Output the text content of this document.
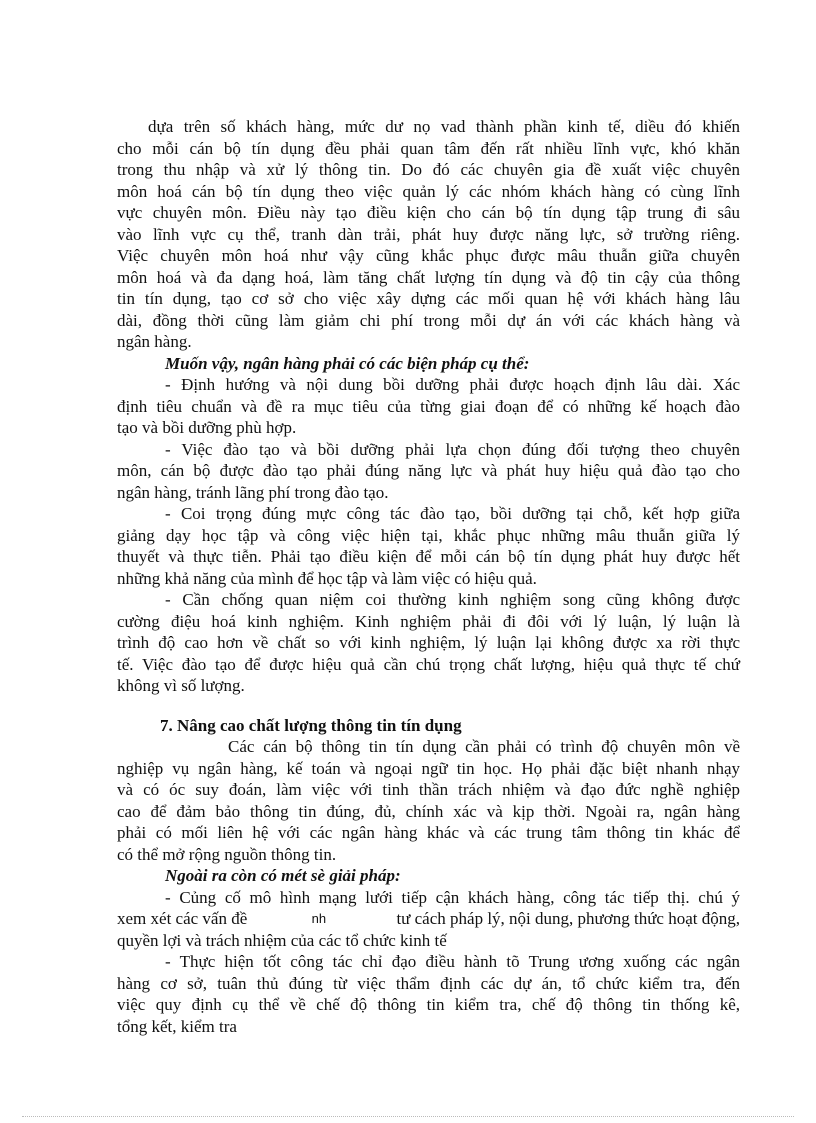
dựa trên số khách hàng, mức dư nọ vad thành phần kinh tế, diều đó khiến
cho mỗi cán bộ tín dụng đều phải quan tâm đến rất nhiều lĩnh vực, khó khăn
trong thu nhập và xử lý thông tin. Do đó các chuyên gia đề xuất việc chuyên
môn hoá cán bộ tín dụng theo việc quản lý các nhóm khách hàng có cùng lĩnh
vực chuyên môn. Điều này tạo điều kiện cho cán bộ tín dụng tập trung đi sâu
vào lĩnh vực cụ thể, tranh dàn trải, phát huy được năng lực, sở trường riêng.
Việc chuyên môn hoá như vậy cũng khắc phục được mâu thuẫn giữa chuyên
môn hoá và đa dạng hoá, làm tăng chất lượng tín dụng và độ tin cậy của thông
tin tín dụng, tạo cơ sở cho việc xây dựng các mối quan hệ với khách hàng lâu
dài, đồng thời cũng làm giảm chi phí trong mỗi dự án với các khách hàng và
ngân hàng.
Muốn vậy, ngân hàng phải có các biện pháp cụ thể:
- Định hướng và nội dung bồi dưỡng phải được hoạch định lâu dài. Xác
định tiêu chuẩn và đề ra mục tiêu của từng giai đoạn để có những kế hoạch đào
tạo và bồi dưỡng phù hợp.
- Việc đào tạo và bồi dưỡng phải lựa chọn đúng đối tượng theo chuyên
môn, cán bộ được đào tạo phải đúng năng lực và phát huy hiệu quả đào tạo cho
ngân hàng, tránh lãng phí trong đào tạo.
- Coi trọng đúng mực công tác đào tạo, bồi dưỡng tại chỗ, kết hợp giữa
giảng dạy học tập và công việc hiện tại, khắc phục những mâu thuẫn giữa lý
thuyết và thực tiễn. Phải tạo điều kiện để mỗi cán bộ tín dụng phát huy được hết
những khả năng của mình để học tập và làm việc có hiệu quả.
- Cần chống quan niệm coi thường kinh nghiệm song cũng không được
cường điệu hoá kinh nghiệm. Kinh nghiệm phải đi đôi với lý luận, lý luận là
trình độ cao hơn về chất so với kinh nghiệm, lý luận lại không được xa rời thực
tế. Việc đào tạo để được hiệu quả cần chú trọng chất lượng, hiệu quả thực tế chứ
không vì số lượng.
7. Nâng cao chất lượng thông tin tín dụng
Các cán bộ thông tin tín dụng cần phải có trình độ chuyên môn về
nghiệp vụ ngân hàng, kế toán và ngoại ngữ tin học. Họ phải đặc biệt nhanh nhạy
và có óc suy đoán, làm việc với tinh thần trách nhiệm và đạo đức nghề nghiệp
cao để đảm bảo thông tin đúng, đủ, chính xác và kịp thời. Ngoài ra, ngân hàng
phải có mối liên hệ với các ngân hàng khác và các trung tâm thông tin khác để
có thể mở rộng nguồn thông tin.
Ngoài ra còn có mét sè giải pháp:
- Củng cố mô hình mạng lưới tiếp cận khách hàng, công tác tiếp thị. chú ý
xem xét các vấn đề	nh	tư cách pháp lý, nội dung, phương thức hoạt động,
quyền lợi và trách nhiệm của các tổ chức kinh tế
- Thực hiện tốt công tác chỉ đạo điều hành tõ Trung ương xuống các ngân
hàng cơ sở, tuân thủ đúng từ việc thẩm định các dự án, tổ chức kiểm tra, đến
việc quy định cụ thể về chế độ thông tin kiểm tra, chế độ thông tin thống kê,
tổng kết, kiểm tra
